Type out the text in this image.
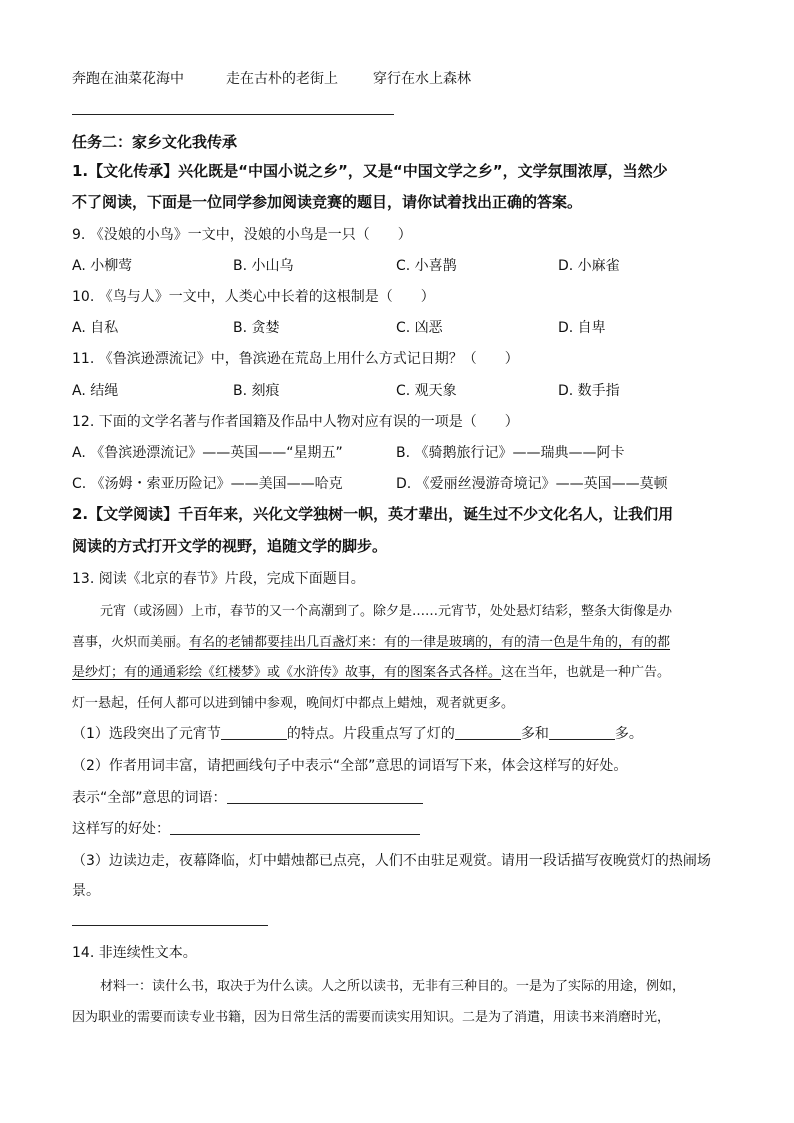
奔跑在油菜花海中	走在古朴的老街上	穿行在水上森林
任务二：家乡文化我传承
1.【文化传承】兴化既是“中国小说之乡”，又是“中国文学之乡”，文学氛围浓厚，当然少
不了阅读，下面是一位同学参加阅读竞赛的题目，请你试着找出正确的答案。
9. 《没娘的小鸟》一文中，没娘的小鸟是一只（　　）
A. 小柳莺	B. 小山乌	C. 小喜鹊	D. 小麻雀
10. 《鸟与人》一文中，人类心中长着的这根制是（　　）
A. 自私	B. 贪婪	C. 凶恶	D. 自卑
11. 《鲁滨逊漂流记》中，鲁滨逊在荒岛上用什么方式记日期？（　　）
A. 结绳	B. 刻痕	C. 观天象	D. 数手指
12. 下面的文学名著与作者国籍及作品中人物对应有误的一项是（　　）
A. 《鲁滨逊漂流记》——英国——“星期五”	B. 《骑鹅旅行记》——瑞典——阿卡
C. 《汤姆・索亚历险记》——美国——哈克	D. 《爱丽丝漫游奇境记》——英国——莫顿
2.【文学阅读】千百年来，兴化文学独树一帜，英才辈出，诞生过不少文化名人，让我们用
阅读的方式打开文学的视野，追随文学的脚步。
13. 阅读《北京的春节》片段，完成下面题目。
元宵（或汤圆）上市，春节的又一个高潮到了。除夕是……元宵节，处处悬灯结彩，整条大街像是办
喜事，火炽而美丽。有名的老铺都要挂出几百盏灯来：有的一律是玻璃的，有的清一色是牛角的，有的都
是纱灯；有的通通彩绘《红楼梦》或《水浒传》故事，有的图案各式各样。这在当年，也就是一种广告。
灯一悬起，任何人都可以进到铺中参观，晚间灯中都点上蜡烛，观者就更多。
（1）选段突出了元宵节	的特点。片段重点写了灯的	多和	多。
（2）作者用词丰富，请把画线句子中表示“全部”意思的词语写下来，体会这样写的好处。
表示“全部”意思的词语：
这样写的好处：
（3）边读边走，夜幕降临，灯中蜡烛都已点亮，人们不由驻足观赏。请用一段话描写夜晚赏灯的热闹场
景。
14. 非连续性文本。
材料一：读什么书，取决于为什么读。人之所以读书，无非有三种目的。一是为了实际的用途，例如，
因为职业的需要而读专业书籍，因为日常生活的需要而读实用知识。二是为了消遣，用读书来消磨时光，
